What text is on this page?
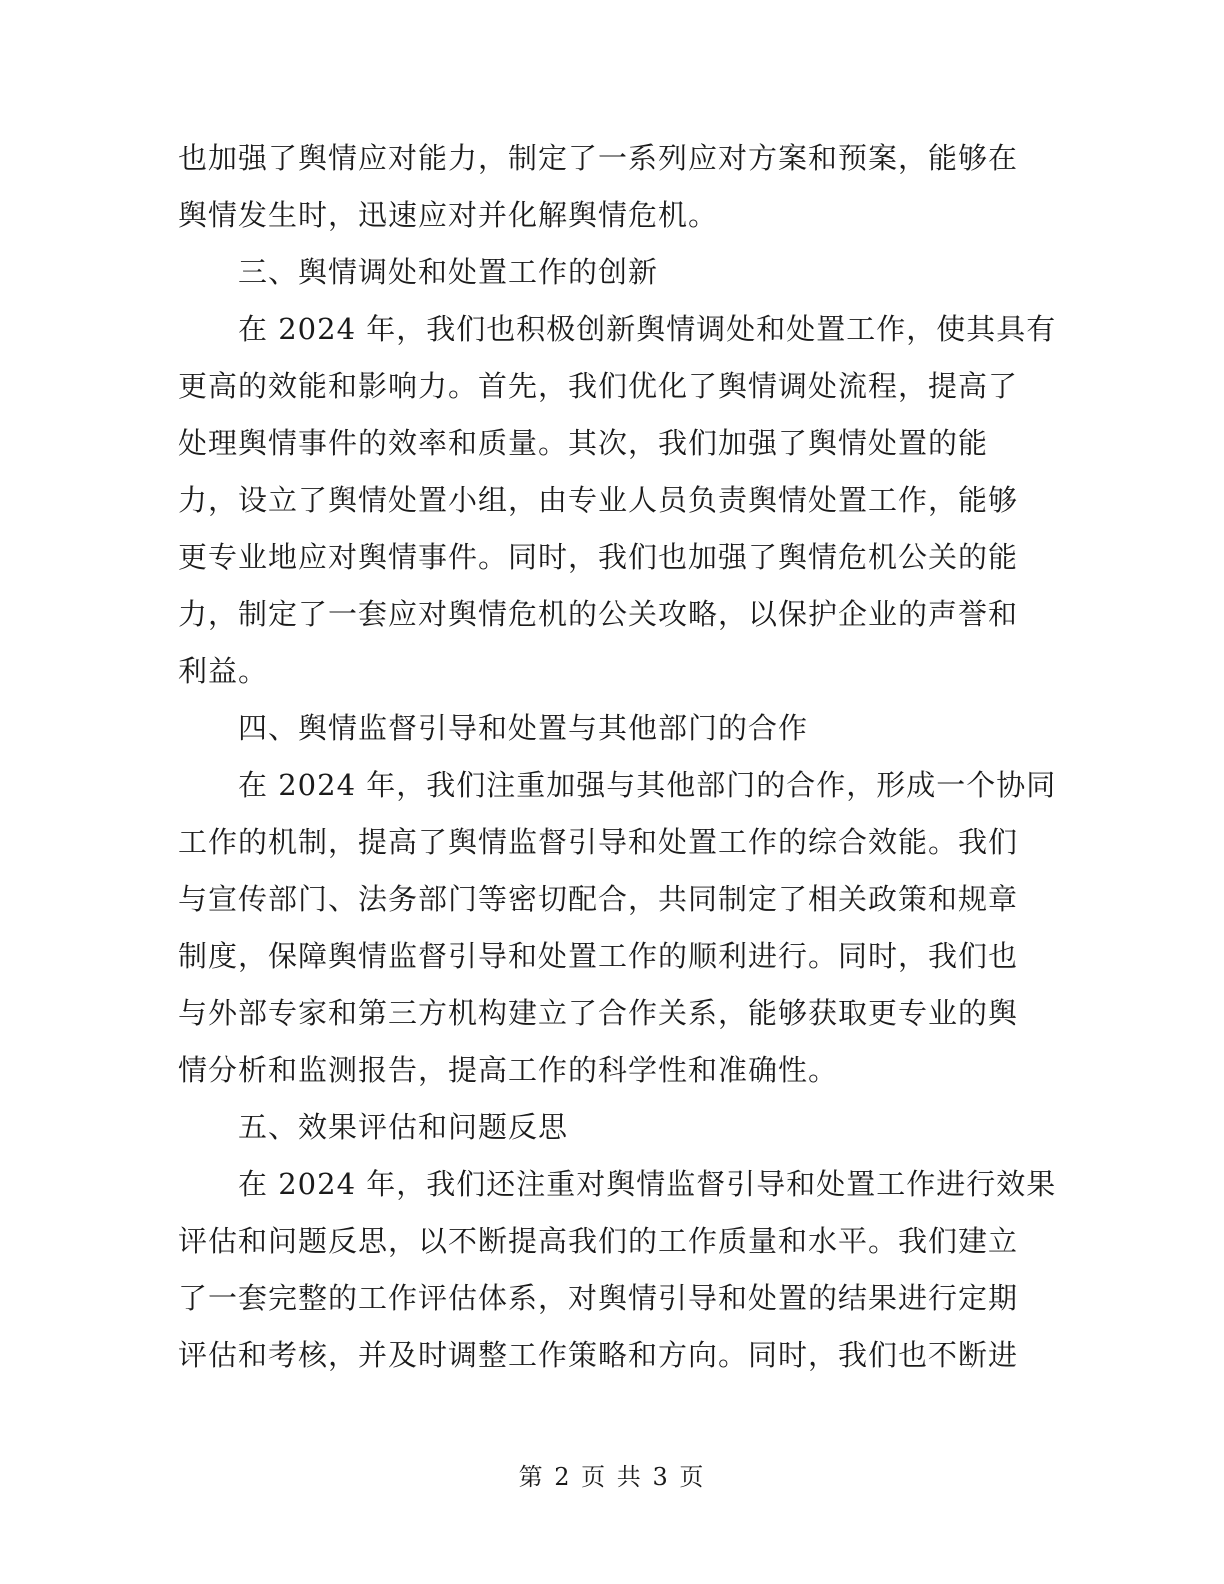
也加强了舆情应对能力，制定了一系列应对方案和预案，能够在
舆情发生时，迅速应对并化解舆情危机。
三、舆情调处和处置工作的创新
在 2024 年，我们也积极创新舆情调处和处置工作，使其具有
更高的效能和影响力。首先，我们优化了舆情调处流程，提高了
处理舆情事件的效率和质量。其次，我们加强了舆情处置的能
力，设立了舆情处置小组，由专业人员负责舆情处置工作，能够
更专业地应对舆情事件。同时，我们也加强了舆情危机公关的能
力，制定了一套应对舆情危机的公关攻略，以保护企业的声誉和
利益。
四、舆情监督引导和处置与其他部门的合作
在 2024 年，我们注重加强与其他部门的合作，形成一个协同
工作的机制，提高了舆情监督引导和处置工作的综合效能。我们
与宣传部门、法务部门等密切配合，共同制定了相关政策和规章
制度，保障舆情监督引导和处置工作的顺利进行。同时，我们也
与外部专家和第三方机构建立了合作关系，能够获取更专业的舆
情分析和监测报告，提高工作的科学性和准确性。
五、效果评估和问题反思
在 2024 年，我们还注重对舆情监督引导和处置工作进行效果
评估和问题反思，以不断提高我们的工作质量和水平。我们建立
了一套完整的工作评估体系，对舆情引导和处置的结果进行定期
评估和考核，并及时调整工作策略和方向。同时，我们也不断进
第 2 页 共 3 页
